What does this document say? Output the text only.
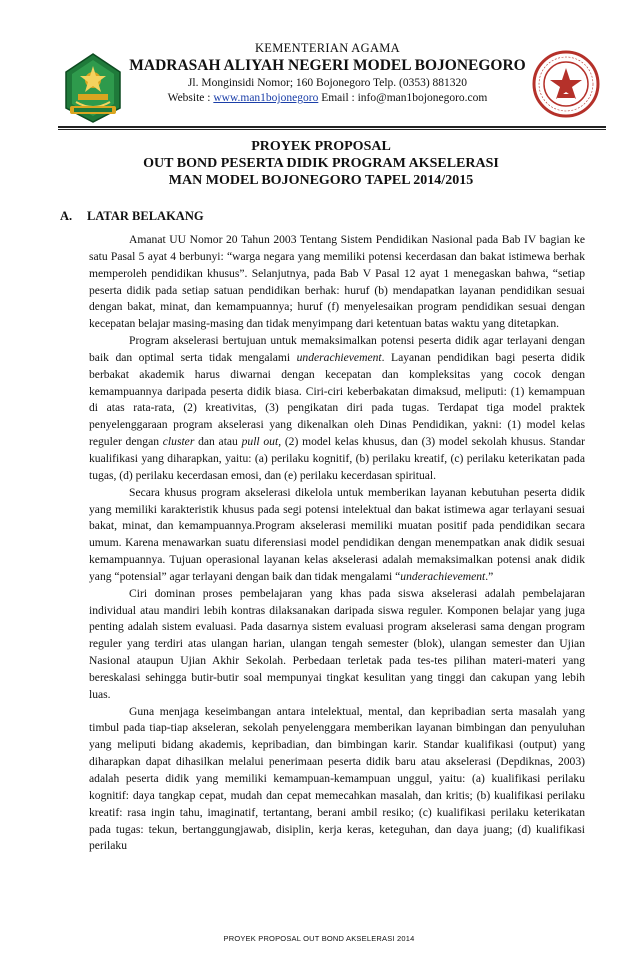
KEMENTERIAN AGAMA
MADRASAH ALIYAH NEGERI MODEL BOJONEGORO
Jl. Monginsidi Nomor; 160 Bojonegoro Telp. (0353) 881320
Website : www.man1bojonegoro Email : info@man1bojonegoro.com
PROYEK PROPOSAL
OUT BOND PESERTA DIDIK PROGRAM AKSELERASI
MAN MODEL BOJONEGORO TAPEL 2014/2015
A. LATAR BELAKANG

Amanat UU Nomor 20 Tahun 2003 Tentang Sistem Pendidikan Nasional pada Bab IV bagian ke satu Pasal 5 ayat 4 berbunyi: “warga negara yang memiliki potensi kecerdasan dan bakat istimewa berhak memperoleh pendidikan khusus”. Selanjutnya, pada Bab V Pasal 12 ayat 1 menegaskan bahwa, “setiap peserta didik pada setiap satuan pendidikan berhak: huruf (b) mendapatkan layanan pendidikan sesuai dengan bakat, minat, dan kemampuannya; huruf (f) menyelesaikan program pendidikan sesuai dengan kecepatan belajar masing-masing dan tidak menyimpang dari ketentuan batas waktu yang ditetapkan.

Program akselerasi bertujuan untuk memaksimalkan potensi peserta didik agar terlayani dengan baik dan optimal serta tidak mengalami underachievement. Layanan pendidikan bagi peserta didik berbakat akademik harus diwarnai dengan kecepatan dan kompleksitas yang cocok dengan kemampuannya daripada peserta didik biasa. Ciri-ciri keberbakatan dimaksud, meliputi: (1) kemampuan di atas rata-rata, (2) kreativitas, (3) pengikatan diri pada tugas. Terdapat tiga model praktek penyelenggaraan program akselerasi yang dikenalkan oleh Dinas Pendidikan, yakni: (1) model kelas reguler dengan cluster dan atau pull out, (2) model kelas khusus, dan (3) model sekolah khusus. Standar kualifikasi yang diharapkan, yaitu: (a) perilaku kognitif, (b) perilaku kreatif, (c) perilaku keterikatan pada tugas, (d) perilaku kecerdasan emosi, dan (e) perilaku kecerdasan spiritual.

Secara khusus program akselerasi dikelola untuk memberikan layanan kebutuhan peserta didik yang memiliki karakteristik khusus pada segi potensi intelektual dan bakat istimewa agar terlayani sesuai bakat, minat, dan kemampuannya.Program akselerasi memiliki muatan positif pada pendidikan secara umum. Karena menawarkan suatu diferensiasi model pendidikan dengan menempatkan anak didik sesuai kemampuannya. Tujuan operasional layanan kelas akselerasi adalah memaksimalkan potensi anak didik yang “potensial” agar terlayani dengan baik dan tidak mengalami “underachievement.”

Ciri dominan proses pembelajaran yang khas pada siswa akselerasi adalah pembelajaran individual atau mandiri lebih kontras dilaksanakan daripada siswa reguler. Komponen belajar yang juga penting adalah sistem evaluasi. Pada dasarnya sistem evaluasi program akselerasi sama dengan program reguler yang terdiri atas ulangan harian, ulangan tengah semester (blok), ulangan semester dan Ujian Nasional ataupun Ujian Akhir Sekolah. Perbedaan terletak pada tes-tes pilihan materi-materi yang bereskalasi sehingga butir-butir soal mempunyai tingkat kesulitan yang tinggi dan cakupan yang lebih luas.

Guna menjaga keseimbangan antara intelektual, mental, dan kepribadian serta masalah yang timbul pada tiap-tiap akseleran, sekolah penyelenggara memberikan layanan bimbingan dan penyuluhan yang meliputi bidang akademis, kepribadian, dan bimbingan karir. Standar kualifikasi (output) yang diharapkan dapat dihasilkan melalui penerimaan peserta didik baru atau akselerasi (Depdiknas, 2003) adalah peserta didik yang memiliki kemampuan-kemampuan unggul, yaitu: (a) kualifikasi perilaku kognitif: daya tangkap cepat, mudah dan cepat memecahkan masalah, dan kritis; (b) kualifikasi perilaku kreatif: rasa ingin tahu, imaginatif, tertantang, berani ambil resiko; (c) kualifikasi perilaku keterikatan pada tugas: tekun, bertanggungjawab, disiplin, kerja keras, keteguhan, dan daya juang; (d) kualifikasi perilaku

PROYEK PROPOSAL OUT BOND AKSELERASI 2014
